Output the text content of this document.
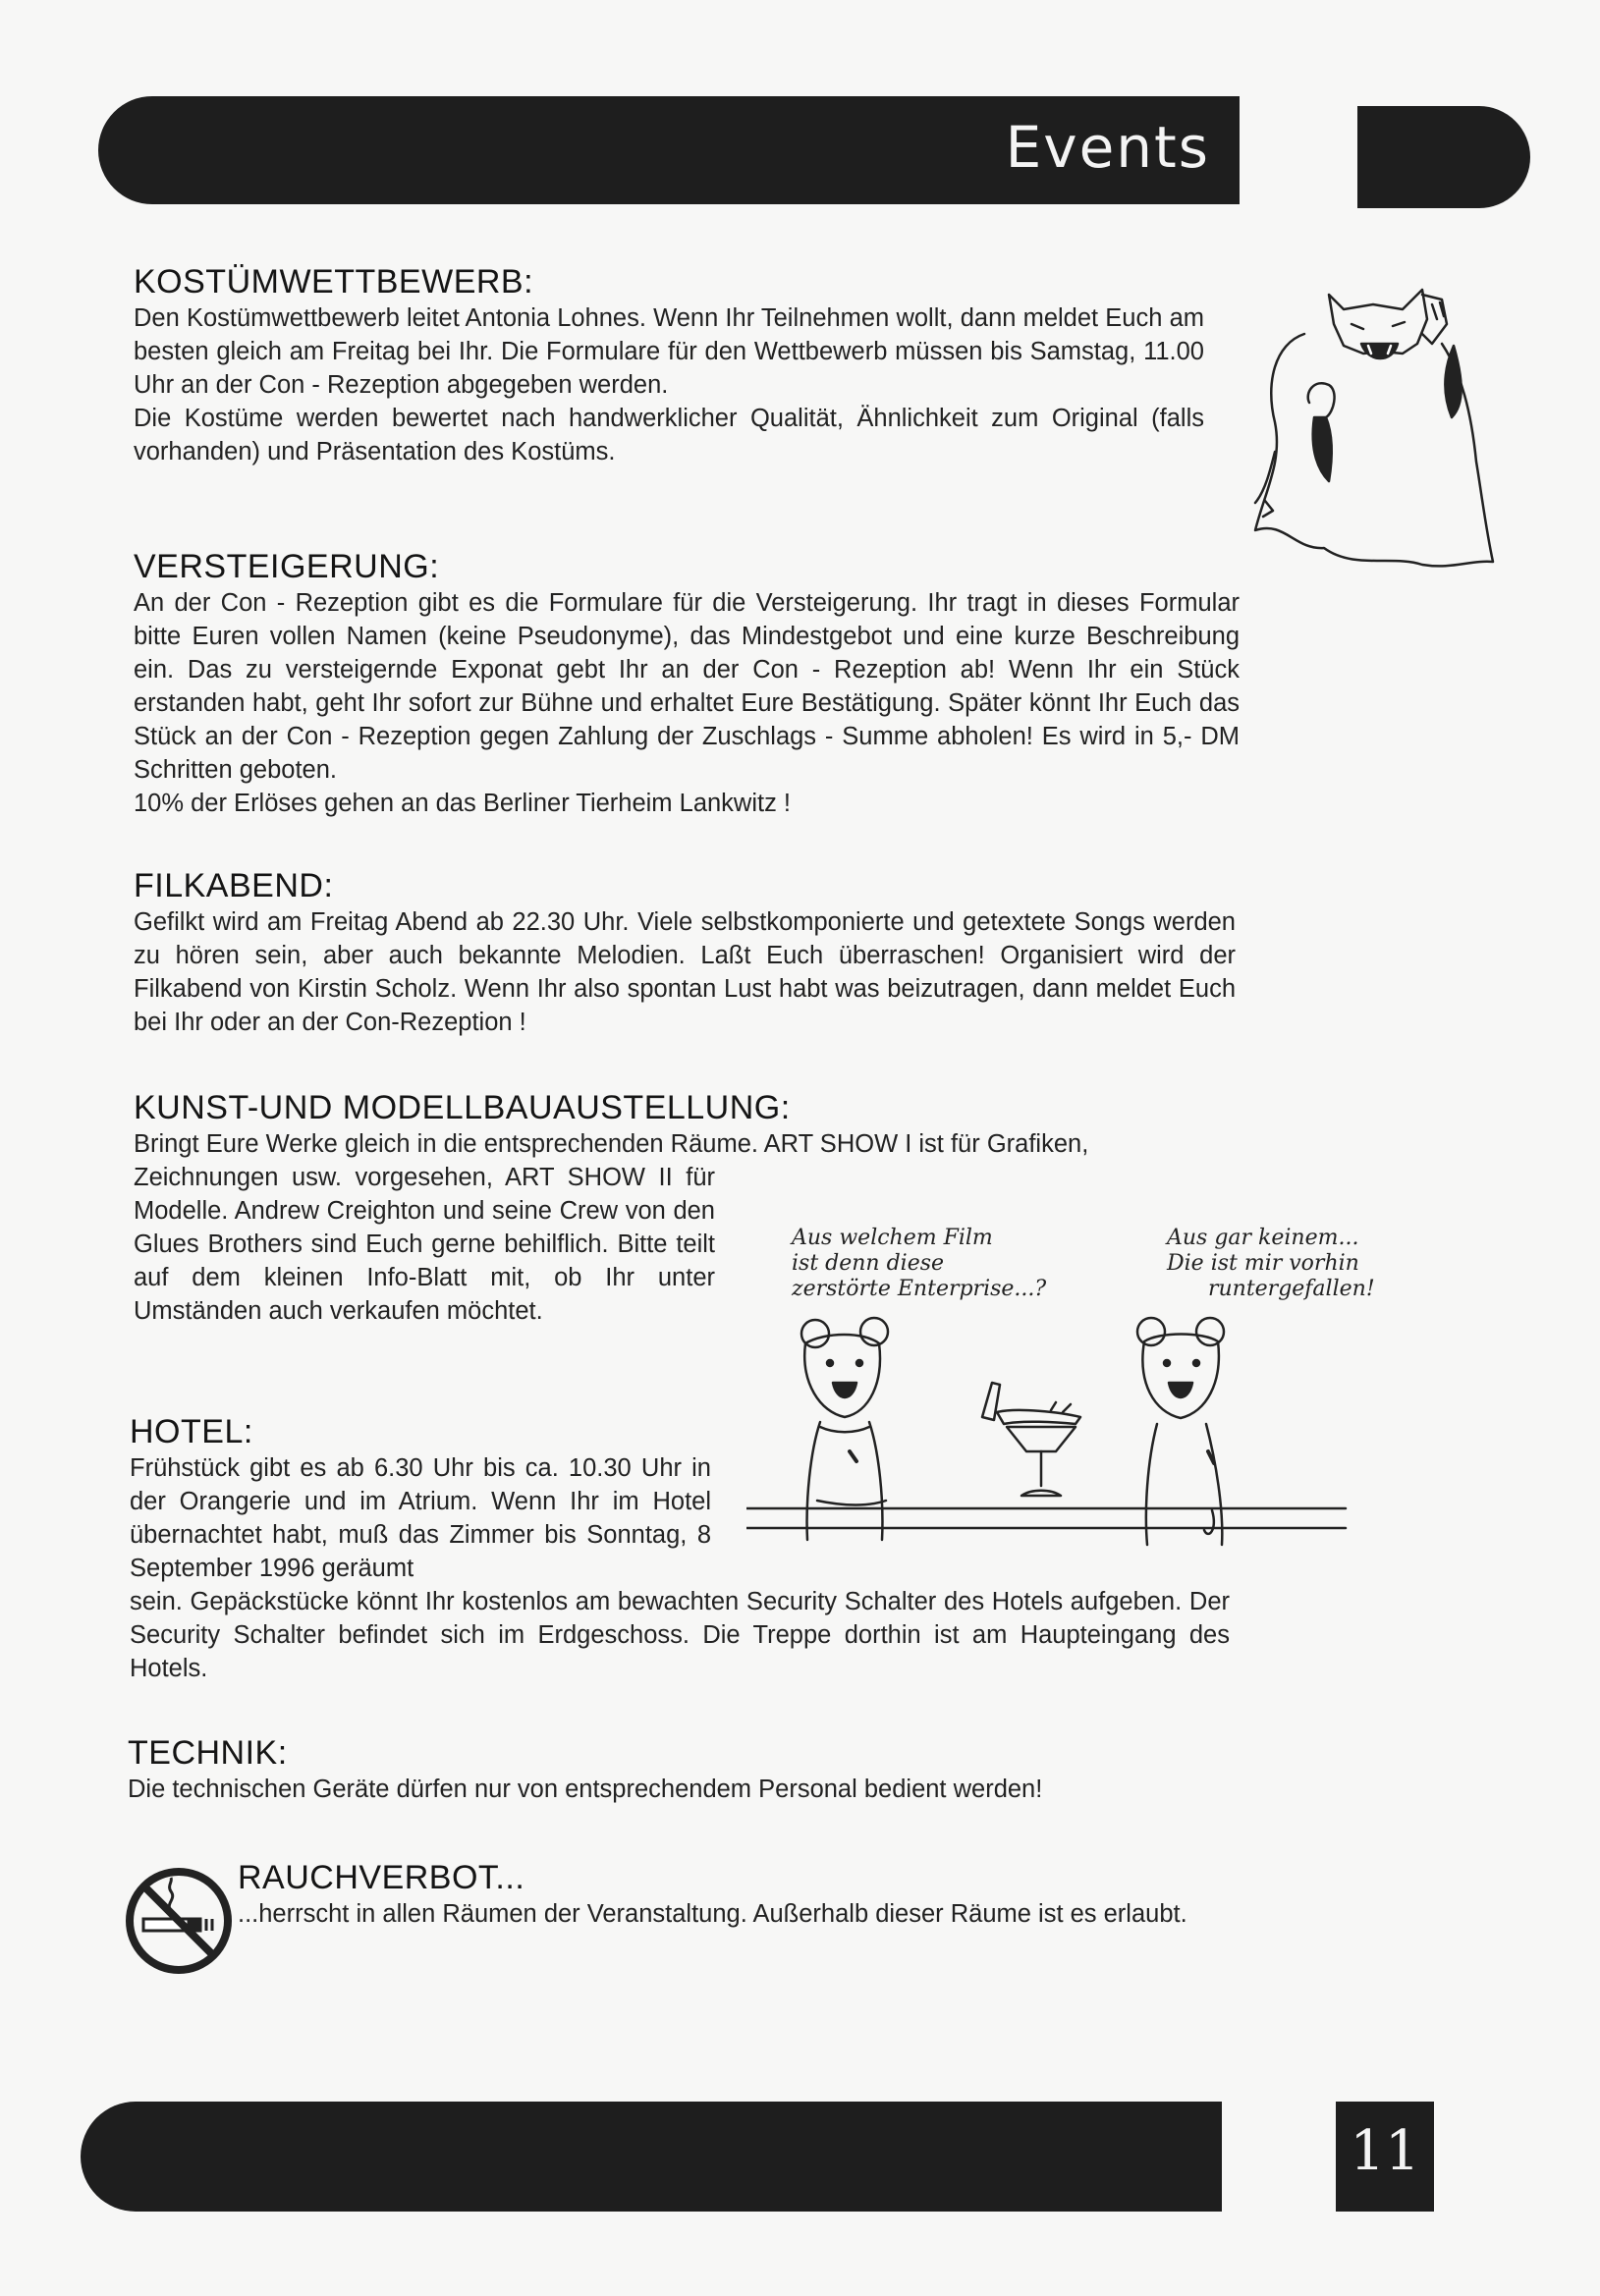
Events
KOSTÜMWETTBEWERB:

Den Kostümwettbewerb leitet Antonia Lohnes. Wenn Ihr Teilnehmen wollt, dann meldet Euch am besten gleich am Freitag bei Ihr. Die Formulare für den Wettbewerb müssen bis Samstag, 11.00 Uhr an der Con - Rezeption abgegeben werden.

Die Kostüme werden bewertet nach handwerklicher Qualität, Ähnlichkeit zum Original (falls vorhanden) und Präsentation des Kostüms.

VERSTEIGERUNG:

An der Con - Rezeption gibt es die Formulare für die Versteigerung. Ihr tragt in dieses Formular bitte Euren vollen Namen (keine Pseudonyme), das Mindestgebot und eine kurze Beschreibung ein. Das zu versteigernde Exponat gebt Ihr an der Con - Rezeption ab! Wenn Ihr ein Stück erstanden habt, geht Ihr sofort zur Bühne und erhaltet Eure Bestätigung. Später könnt Ihr Euch das Stück an der Con - Rezeption gegen Zahlung der Zuschlags - Summe abholen! Es wird in 5,- DM Schritten geboten.

10% der Erlöses gehen an das Berliner Tierheim Lankwitz !

FILKABEND:

Gefilkt wird am Freitag Abend ab 22.30 Uhr. Viele selbstkomponierte und getextete Songs werden zu hören sein, aber auch bekannte Melodien. Laßt Euch überraschen! Organisiert wird der Filkabend von Kirstin Scholz. Wenn Ihr also spontan Lust habt was beizutragen, dann meldet Euch bei Ihr oder an der Con-Rezeption !

KUNST-UND MODELLBAUAUSTELLUNG:

Bringt Eure Werke gleich in die entsprechenden Räume. ART SHOW I ist für Grafiken,

Zeichnungen usw. vorgesehen, ART SHOW II für Modelle. Andrew Creighton und seine Crew von den Glues Brothers sind Euch gerne behilflich. Bitte teilt auf dem kleinen Info-Blatt mit, ob Ihr unter Umständen auch verkaufen möchtet.

Aus welchem Film
ist denn diese
zerstörte Enterprise...?
Aus gar keinem...
Die ist mir vorhin
runtergefallen!
HOTEL:

Frühstück gibt es ab 6.30 Uhr bis ca. 10.30 Uhr in der Orangerie und im Atrium. Wenn Ihr im Hotel übernachtet habt, muß das Zimmer bis Sonntag, 8 September 1996 geräumt

sein. Gepäckstücke könnt Ihr kostenlos am bewachten Security Schalter des Hotels aufgeben. Der Security Schalter befindet sich im Erdgeschoss. Die Treppe dorthin ist am Haupteingang des Hotels.

TECHNIK:

Die technischen Geräte dürfen nur von entsprechendem Personal bedient werden!

RAUCHVERBOT...

...herrscht in allen Räumen der Veranstaltung. Außerhalb dieser Räume ist es erlaubt.

11
